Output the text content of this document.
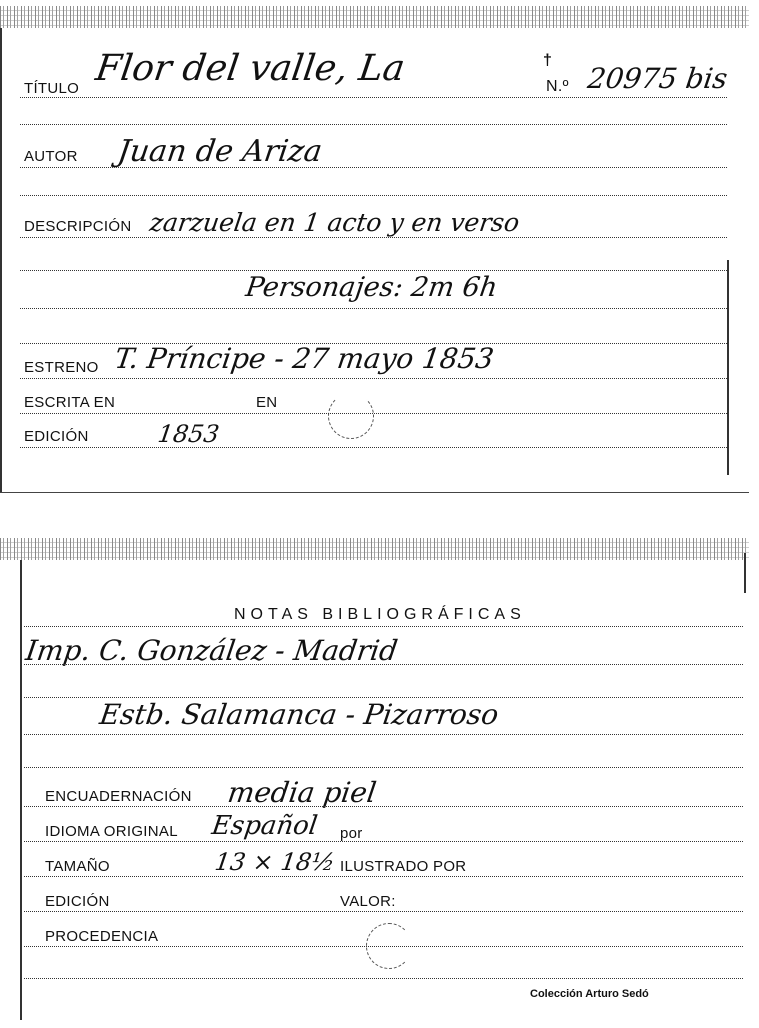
TÍTULO Flor del valle, La	†
N.º 20975 bis
AUTOR Juan de Ariza
DESCRIPCIÓN zarzuela en 1 acto y en verso
Personajes: 2m 6h
ESTRENO T. Príncipe - 27 mayo 1853
ESCRITA EN	EN
EDICIÓN	1853
NOTAS BIBLIOGRÁFICAS
Imp. C. González - Madrid
Estb. Salamanca - Pizarroso
ENCUADERNACIÓN media piel
IDIOMA ORIGINAL Español por
TAMAÑO	13 × 18½ ILUSTRADO POR
EDICIÓN	VALOR:
PROCEDENCIA
Colección Arturo Sedó
